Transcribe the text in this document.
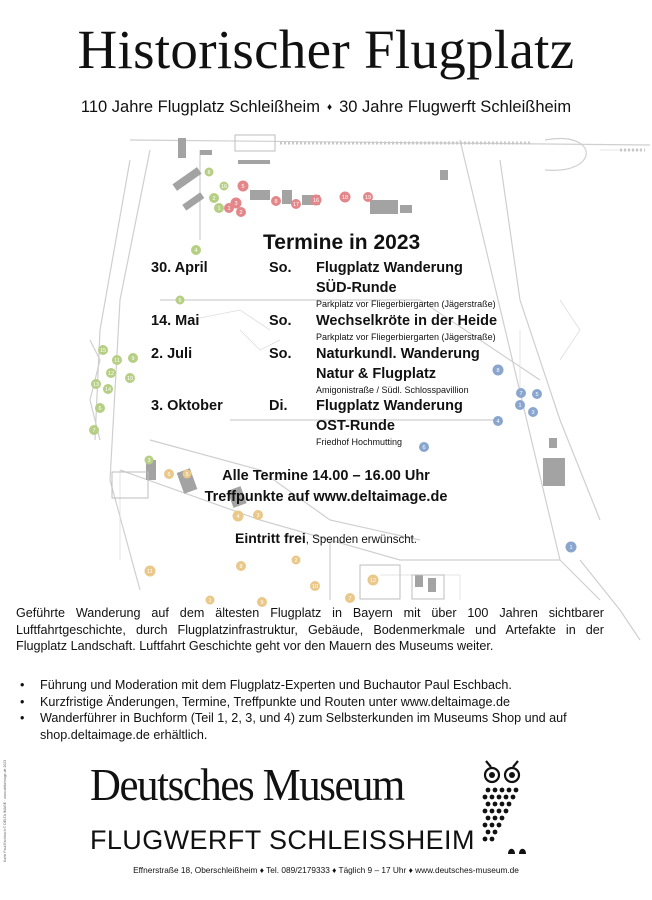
5
3
2
1
8	17
16	18	19
8
2
1
4
15
11 9
12
13
10
14
6
7
5
3
16
8
7 5
1
3
4
6
1
6	5
4	3
8
11
9
10
12
7
2
1
Historischer Flugplatz
110 Jahre Flugplatz Schleißheim ♦ 30 Jahre Flugwerft Schleißheim
Termine in 2023
30. April	So. Flugplatz Wanderung
SÜD-Runde
Parkplatz vor Fliegerbiergarten (Jägerstraße)
14. Mai	So. Wechselkröte in der Heide
Parkplatz vor Fliegerbiergarten (Jägerstraße)
2. Juli	So. Naturkundl. Wanderung
Natur & Flugplatz
Amigonistraße / Südl. Schlosspavillion
3. Oktober	Di. Flugplatz Wanderung
OST-Runde
Friedhof Hochmutting
Alle Termine 14.00 – 16.00 Uhr
Treffpunkte auf www.deltaimage.de
Eintritt frei, Spenden erwünscht.
Geführte Wanderung auf dem ältesten Flugplatz in Bayern mit über 100 Jahren sichtbarer Luftfahrtgeschichte, durch Flugplatzinfrastruktur, Gebäude, Bodenmerkmale und Artefakte in der Flugplatz Landschaft. Luftfahrt Geschichte geht vor den Mauern des Museums weiter.
• Führung und Moderation mit dem Flugplatz-Experten und Buchautor Paul Eschbach.
• Kurzfristige Änderungen, Termine, Treffpunkte und Routen unter www.deltaimage.de
• Wanderführer in Buchform (Teil 1, 2, 3, und 4) zum Selbsterkunden im Museums Shop und auf shop.deltaimage.de erhältlich.
Deutsches Museum
FLUGWERFT SCHLEISSHEIM
Effnerstraße 18, Oberschleißheim ♦ Tel. 089/2179333 ♦ Täglich 9 – 17 Uhr ♦ www.deutsches-museum.de
Karte Paul Eschbach © DELTA IMAGE · www.deltaimage.de 2023
